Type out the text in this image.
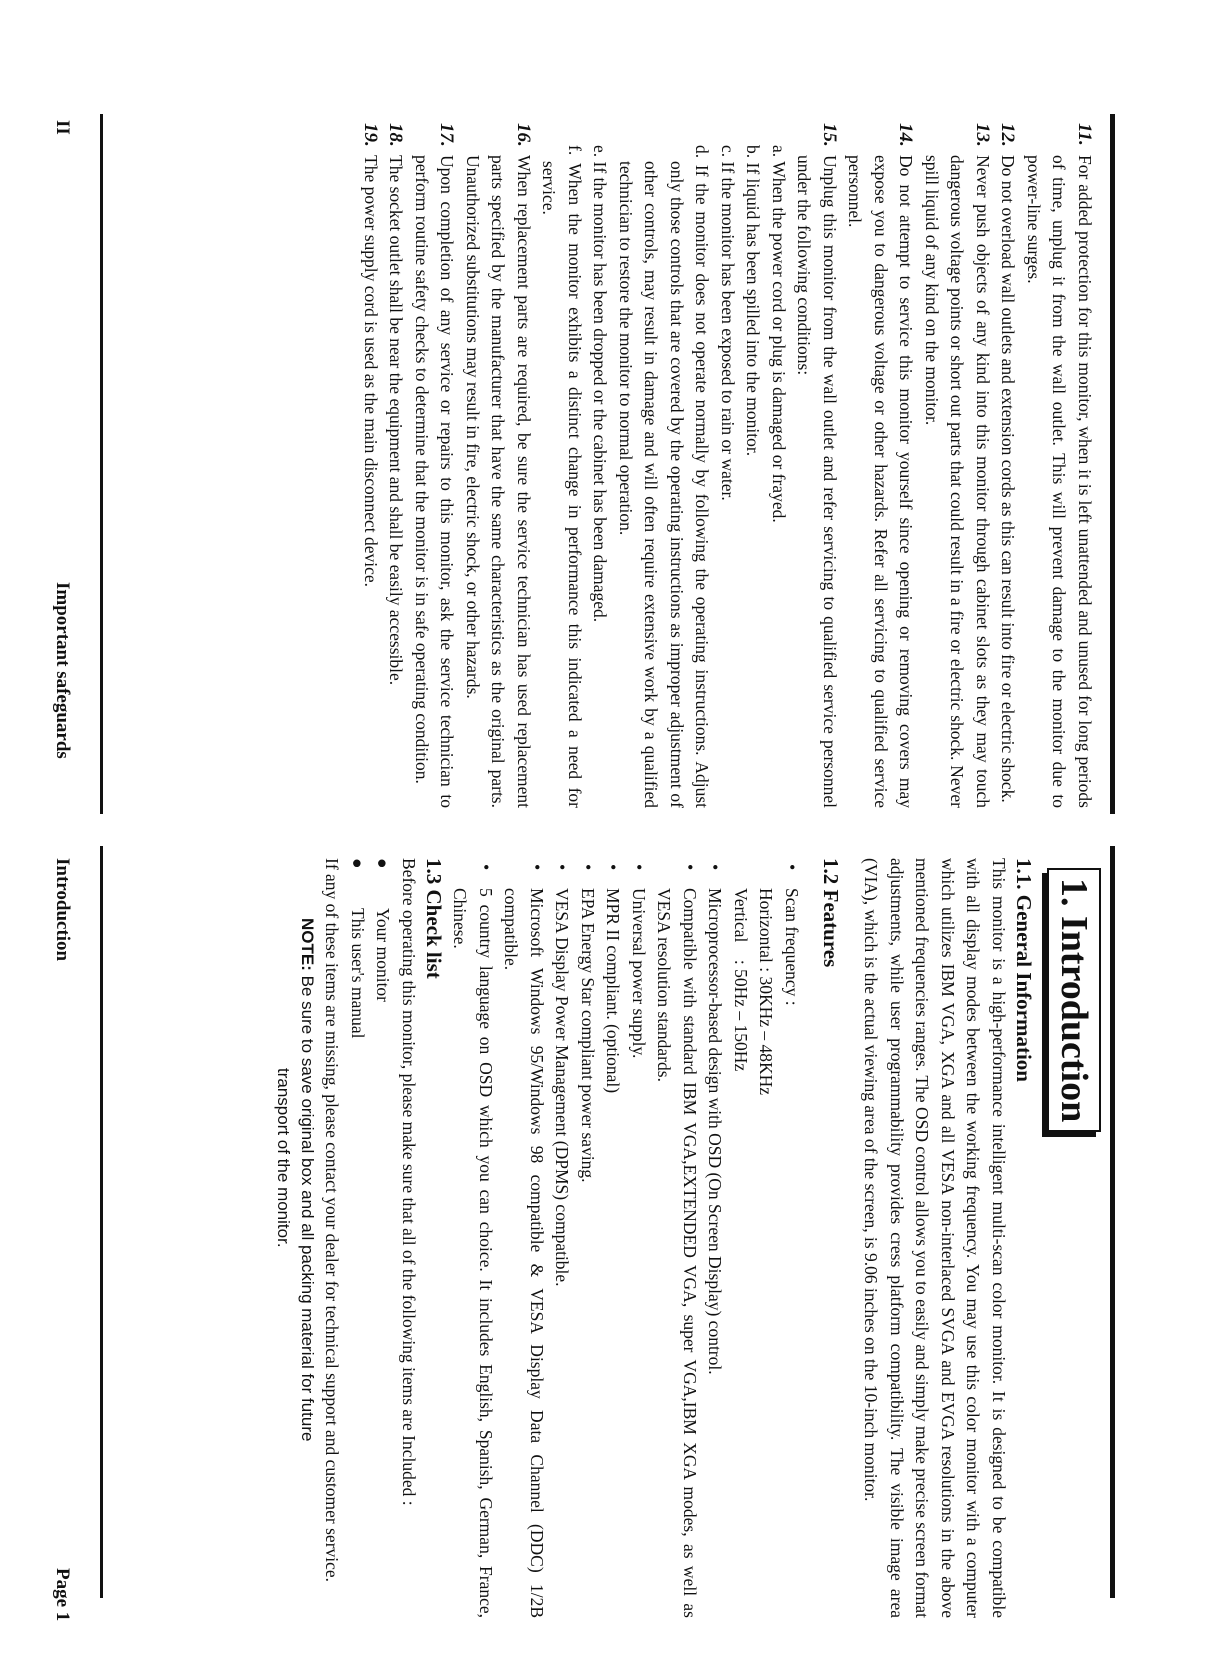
11.
For added protection for this monitor, when it is left unattended and unused for long periods of time, unplug it from the wall outlet. This will prevent damage to the monitor due to power-line surges.
12.
Do not overload wall outlets and extension cords as this can result into fire or electric shock.
13.
Never push objects of any kind into this monitor through cabinet slots as they may touch dangerous voltage points or short out parts that could result in a fire or electric shock. Never spill liquid of any kind on the monitor.
14.
Do not attempt to service this monitor yourself since opening or removing covers may expose you to dangerous voltage or other hazards. Refer all servicing to qualified service personnel.
15.
Unplug this monitor from the wall outlet and refer servicing to qualified service personnel under the following conditions:
a. When the power cord or plug is damaged or frayed.
b. If liquid has been spilled into the monitor.
c. If the monitor has been exposed to rain or water.
d. If the monitor does not operate normally by following the operating instructions. Adjust only those controls that are covered by the operating instructions as improper adjustment of other controls, may result in damage and will often require extensive work by a qualified technician to restore the monitor to normal operation.
e. If the monitor has been dropped or the cabinet has been damaged.
f. When the monitor exhibits a distinct change in performance this indicated a need for service.
16.
When replacement parts are required, be sure the service technician has used replacement parts specified by the manufacturer that have the same characteristics as the original parts. Unauthorized substitutions may result in fire, electric shock, or other hazards.
17.
Upon completion of any service or repairs to this monitor, ask the service technician to perform routine safety checks to determine that the monitor is in safe operating condition.
18.
The socket outlet shall be near the equipment and shall be easily accessible.
19.
The power supply cord is used as the main disconnect device.
II
Important safeguards
1. Introduction
1.1. General Information

This monitor is a high-performance intelligent multi-scan color monitor. It is designed to be compatible with all display modes between the working frequency. You may use this color monitor with a computer which utilizes IBM VGA, XGA and all VESA non-interlaced SVGA and EVGA resolutions in the above mentioned frequencies ranges. The OSD control allows you to easily and simply make precise screen format adjustments, while user programmability provides cress platform compatibility. The visible image area (VIA), which is the actual viewing area of the screen, is 9.06 inches on the 10-inch monitor.

1.2 Features
•
Scan frequency :
Horizontal : 30KHz – 48KHz
Vertical    : 50Hz – 150Hz
•
Microprocessor-based design with OSD (On Screen Display) control.
•
Compatible with standard IBM VGA,EXTENDED VGA, super VGA,IBM XGA modes, as well as VESA resolution standards.
•
Universal power supply.
•
MPR II compliant. (optional)
•
EPA Energy Star compliant power saving.
•
VESA Display Power Management (DPMS) compatible.
•
Microsoft Windows 95/Windows 98 compatible & VESA Display Data Channel (DDC) 1/2B compatible.
•
5 country language on OSD which you can choice. It includes English, Spanish, German, France, Chinese.
1.3 Check list

Before operating this monitor, please make sure that all of the following items are Included :

●
Your monitor
●
This user's manual

If any of these items are missing, please contact your dealer for technical support and customer service.

NOTE: Be sure to save original box and all packing material for future
transport of the monitor.
Introduction
Page 1
